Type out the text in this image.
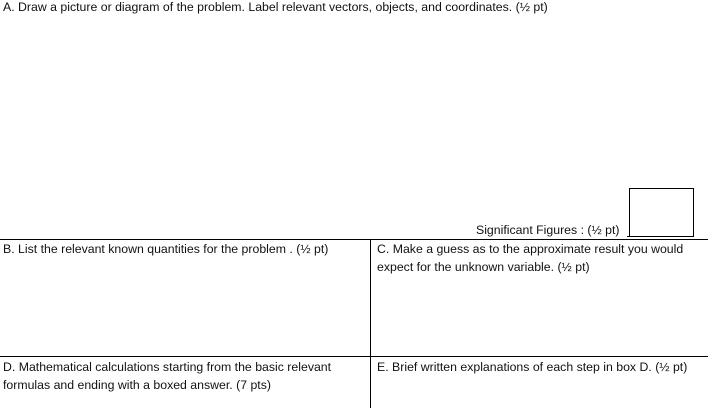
A. Draw a picture or diagram of the problem. Label relevant vectors, objects, and coordinates. (½ pt)
Significant Figures : (½ pt)
B. List the relevant known quantities for the problem . (½ pt)	C. Make a guess as to the approximate result you would expect for the unknown variable. (½ pt)
D. Mathematical calculations starting from the basic relevant formulas and ending with a boxed answer. (7 pts)
E. Brief written explanations of each step in box D. (½ pt)
